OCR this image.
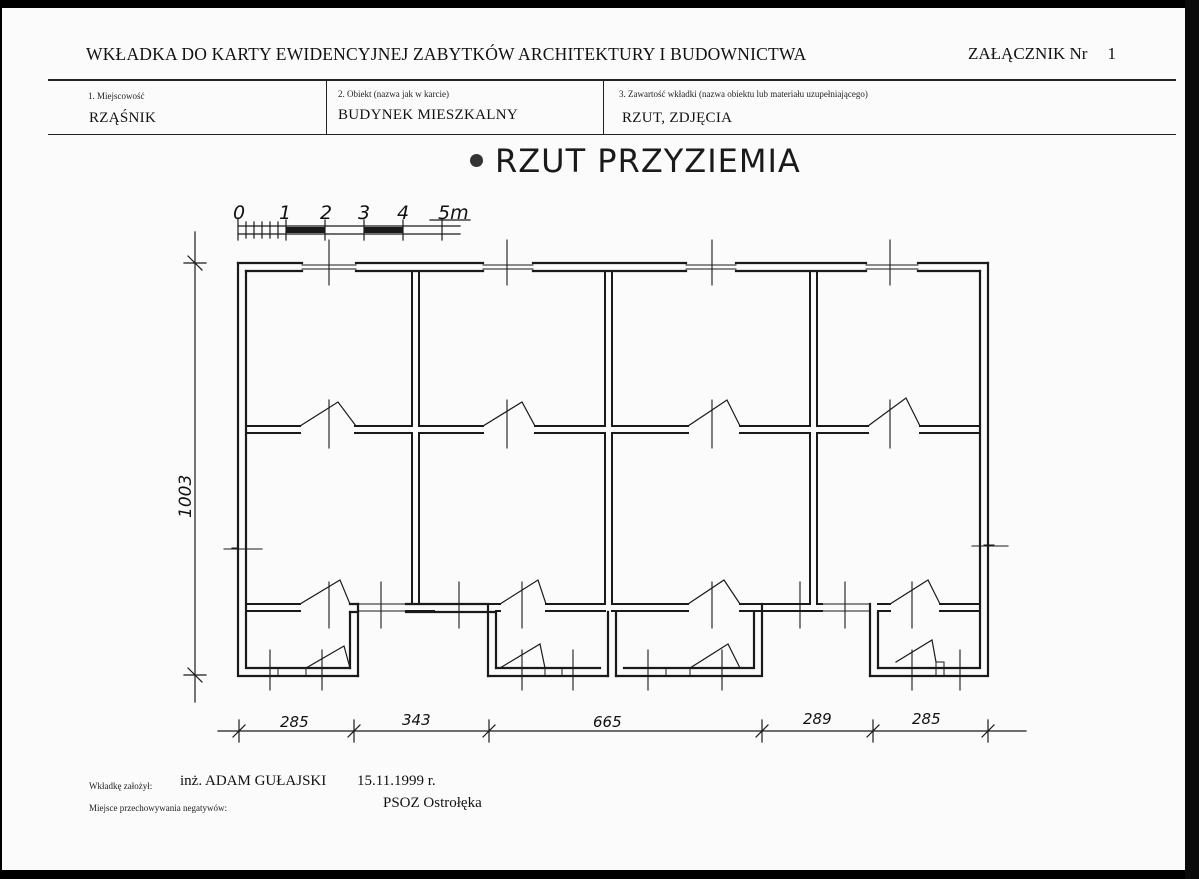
WKŁADKA DO KARTY EWIDENCYJNEJ ZABYTKÓW ARCHITEKTURY I BUDOWNICTWA	ZAŁĄCZNIK Nr 1
1. Miejscowość
RZĄŚNIK
2. Obiekt (nazwa jak w karcie)
BUDYNEK MIESZKALNY
3. Zawartość wkładki (nazwa obiektu lub materiału uzupełniającego)
RZUT, ZDJĘCIA
RZUT PRZYZIEMIA
0 1 2 3 4 5m
1003
285	343	665	289	285
Wkładkę założył: inż. ADAM GUŁAJSKI 15.11.1999 r.
Miejsce przechowywania negatywów:	PSOZ Ostrołęka
